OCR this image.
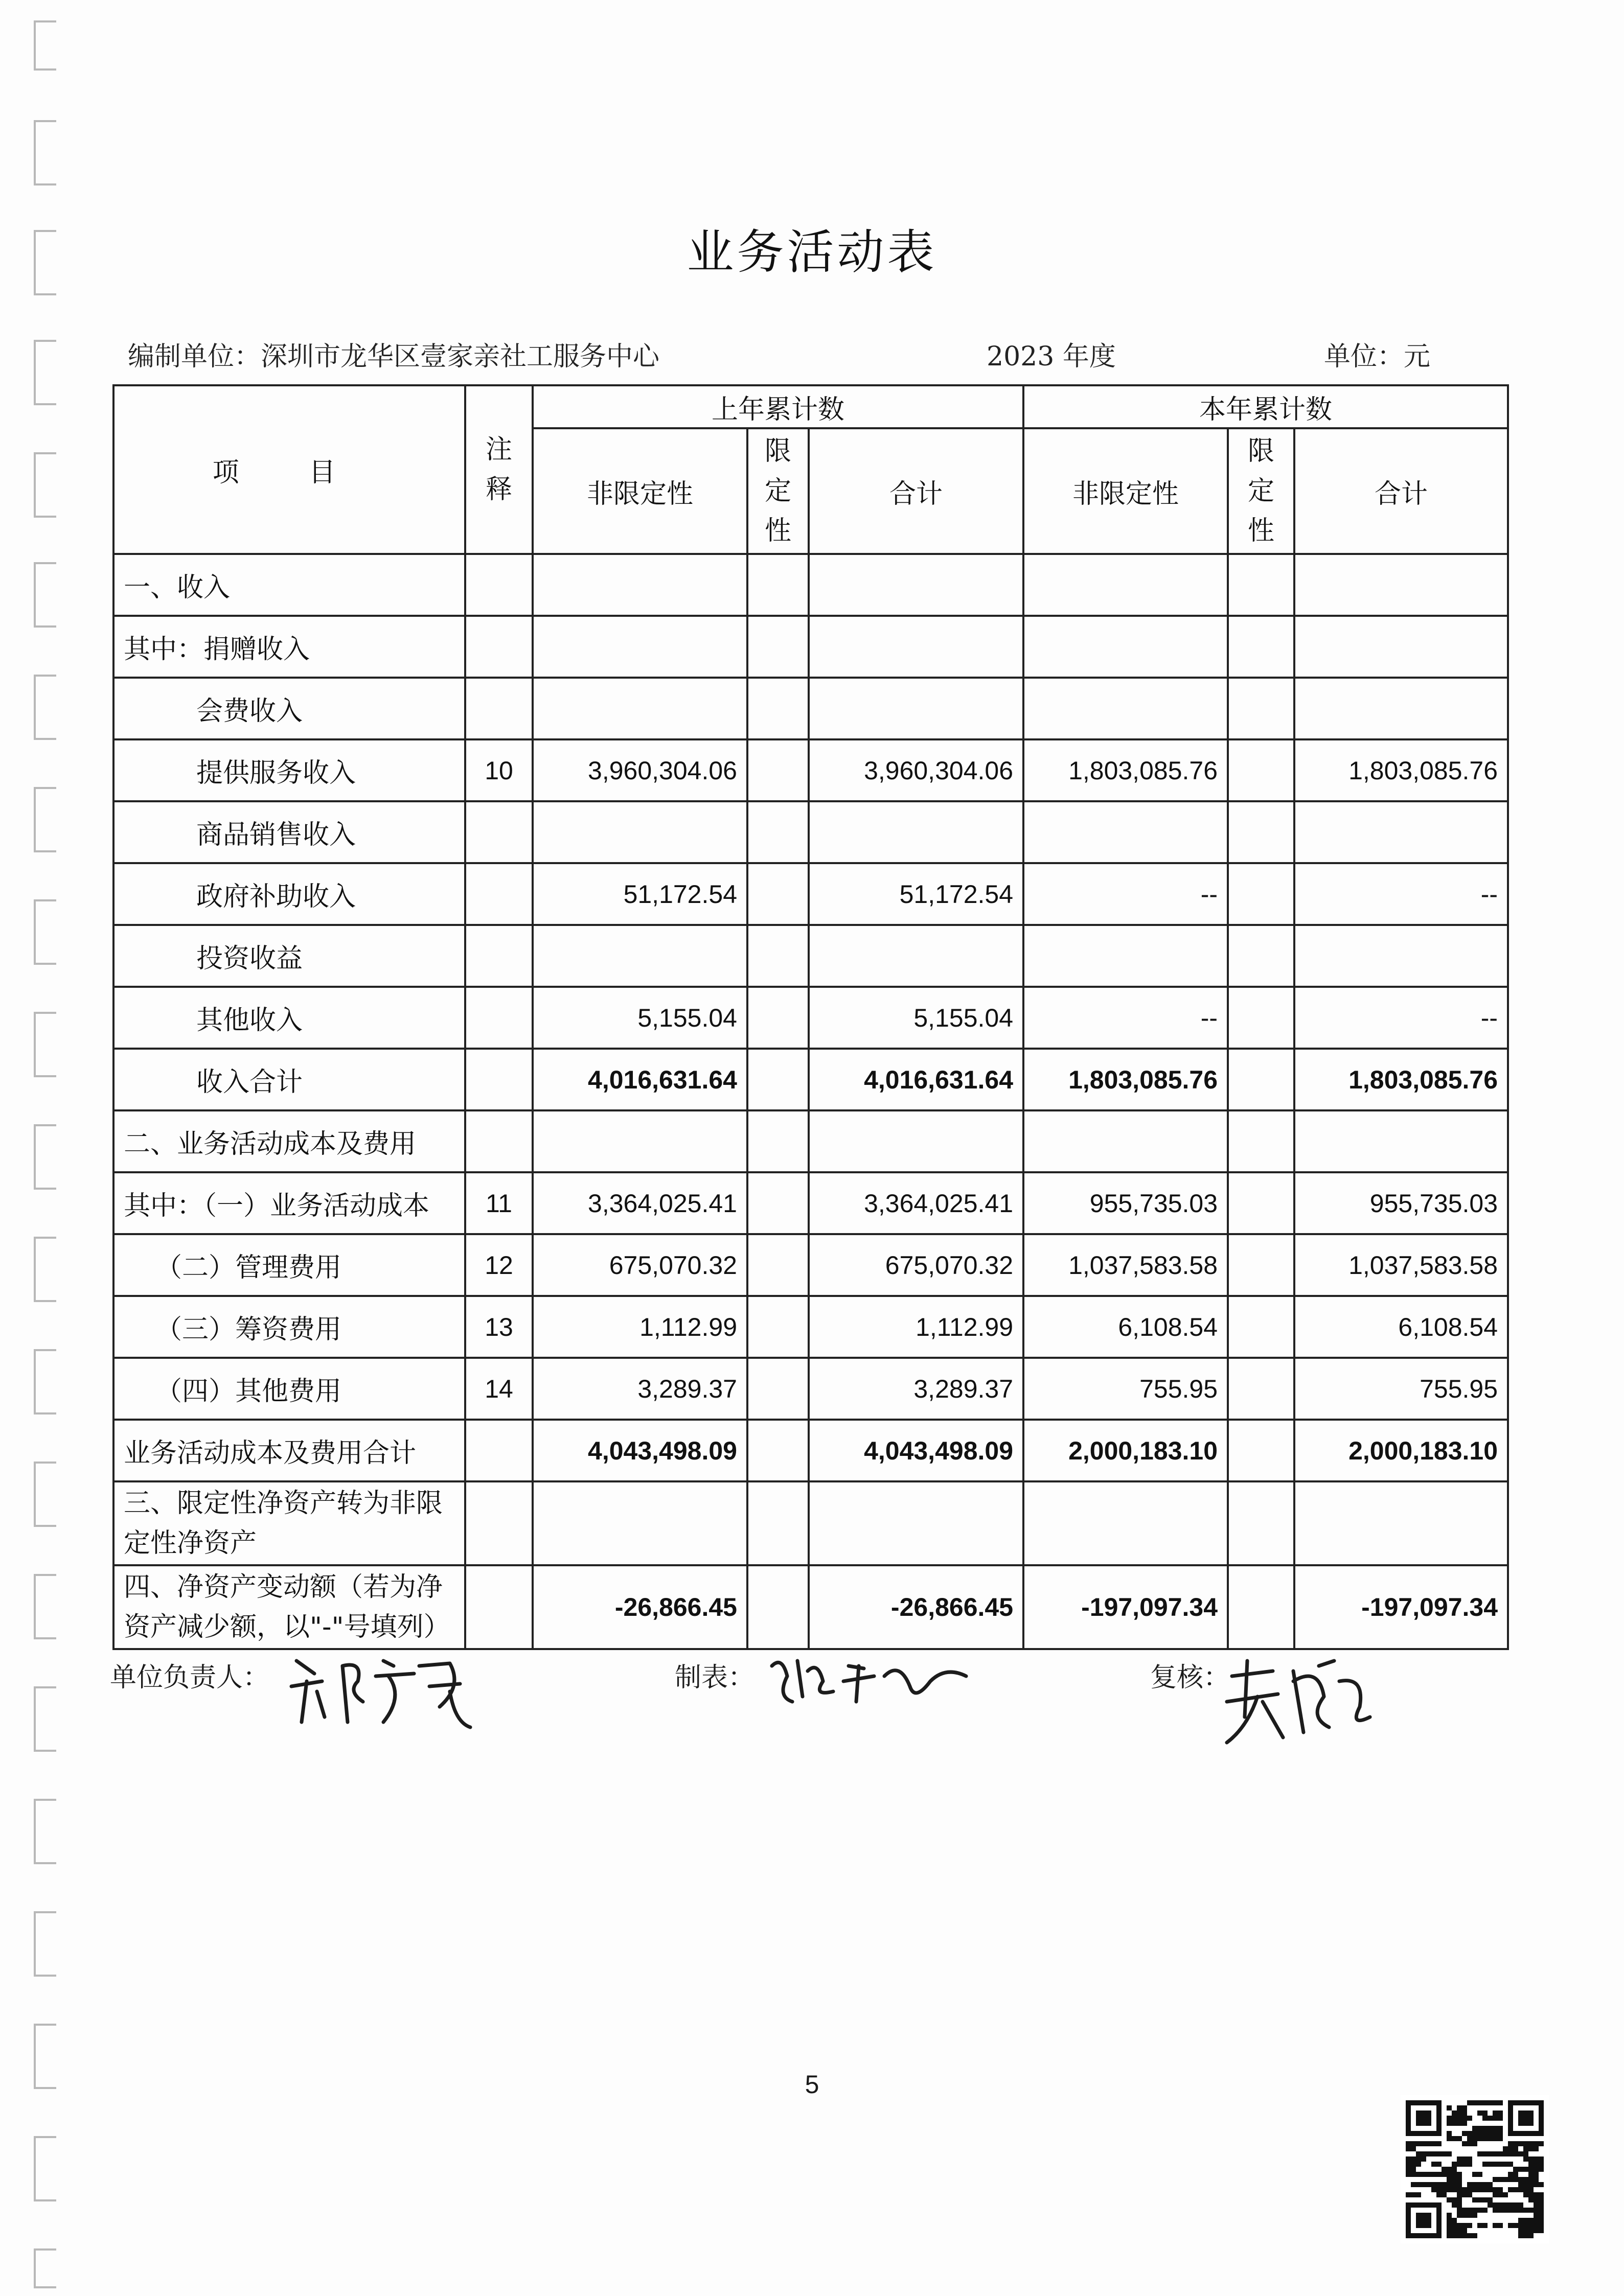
业务活动表
编制单位：深圳市龙华区壹家亲社工服务中心	2023 年度	单位：元
项 目	注释	上年累计数			本年累计数		
		非限定性	限定性	合计	非限定性	限定性	合计
一、收入							
其中：捐赠收入							
会费收入							
提供服务收入	10	3,960,304.06		3,960,304.06	1,803,085.76		1,803,085.76
商品销售收入							
政府补助收入		51,172.54		51,172.54	--		--
投资收益							
其他收入		5,155.04		5,155.04	--		--
收入合计		4,016,631.64		4,016,631.64	1,803,085.76		1,803,085.76
二、业务活动成本及费用							
其中：（一）业务活动成本	11	3,364,025.41		3,364,025.41	955,735.03		955,735.03
（二）管理费用	12	675,070.32		675,070.32	1,037,583.58		1,037,583.58
（三）筹资费用	13	1,112.99		1,112.99	6,108.54		6,108.54
（四）其他费用	14	3,289.37		3,289.37	755.95		755.95
业务活动成本及费用合计		4,043,498.09		4,043,498.09	2,000,183.10		2,000,183.10
三、限定性净资产转为非限定性净资产							
四、净资产变动额（若为净资产减少额，以"-"号填列）		-26,866.45		-26,866.45	-197,097.34		-197,097.34
单位负责人：	制表：	复核：
5
